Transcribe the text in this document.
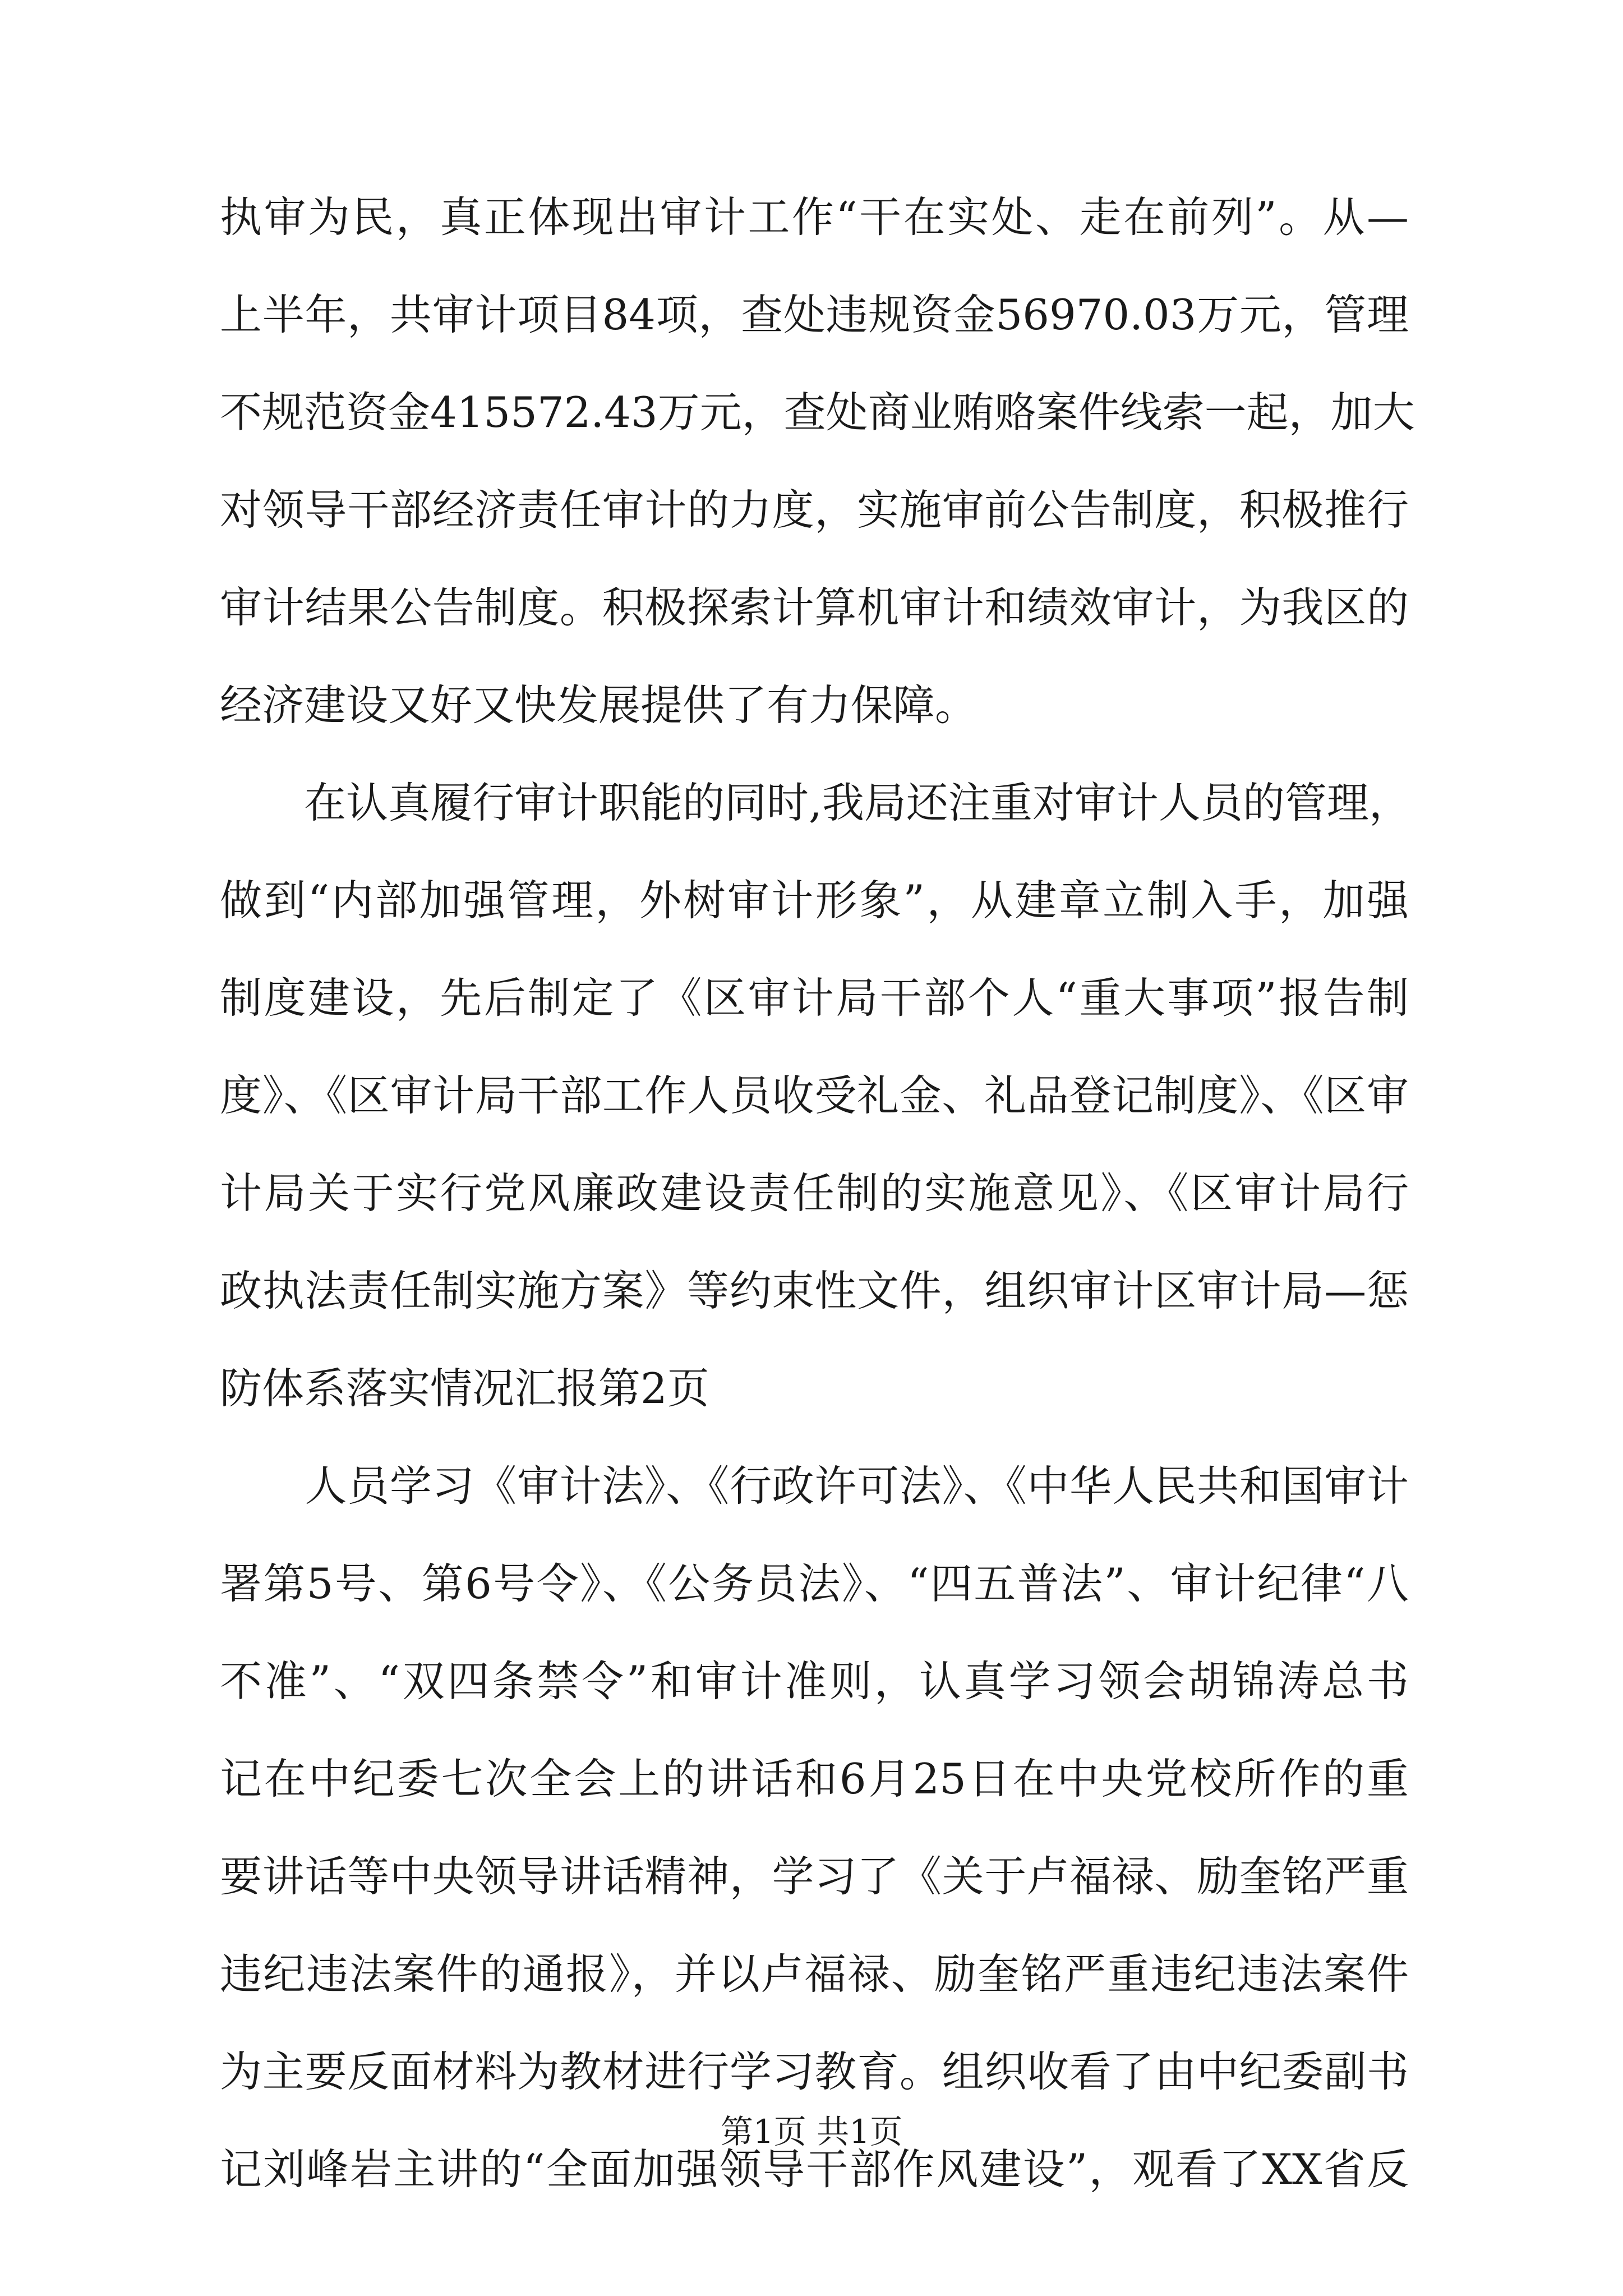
执审为民，真正体现出审计工作“干在实处、走在前列”。从—
上半年，共审计项目84项，查处违规资金56970.03万元，管理
不规范资金415572.43万元，查处商业贿赂案件线索一起，加大
对领导干部经济责任审计的力度，实施审前公告制度，积极推行
审计结果公告制度。积极探索计算机审计和绩效审计，为我区的
经济建设又好又快发展提供了有力保障。
　　在认真履行审计职能的同时,我局还注重对审计人员的管理，
做到“内部加强管理，外树审计形象”，从建章立制入手，加强
制度建设，先后制定了《区审计局干部个人“重大事项”报告制
度》、《区审计局干部工作人员收受礼金、礼品登记制度》、《区审
计局关于实行党风廉政建设责任制的实施意见》、《区审计局行
政执法责任制实施方案》等约束性文件，组织审计区审计局—惩
防体系落实情况汇报第2页
　　人员学习《审计法》、《行政许可法》、《中华人民共和国审计
署第5号、第6号令》、《公务员法》、“四五普法”、审计纪律“八
不准”、“双四条禁令”和审计准则，认真学习领会胡锦涛总书
记在中纪委七次全会上的讲话和6月25日在中央党校所作的重
要讲话等中央领导讲话精神，学习了《关于卢福禄、励奎铭严重
违纪违法案件的通报》，并以卢福禄、励奎铭严重违纪违法案件
为主要反面材料为教材进行学习教育。组织收看了由中纪委副书
记刘峰岩主讲的“全面加强领导干部作风建设”，观看了XX省反
第1页 共1页
